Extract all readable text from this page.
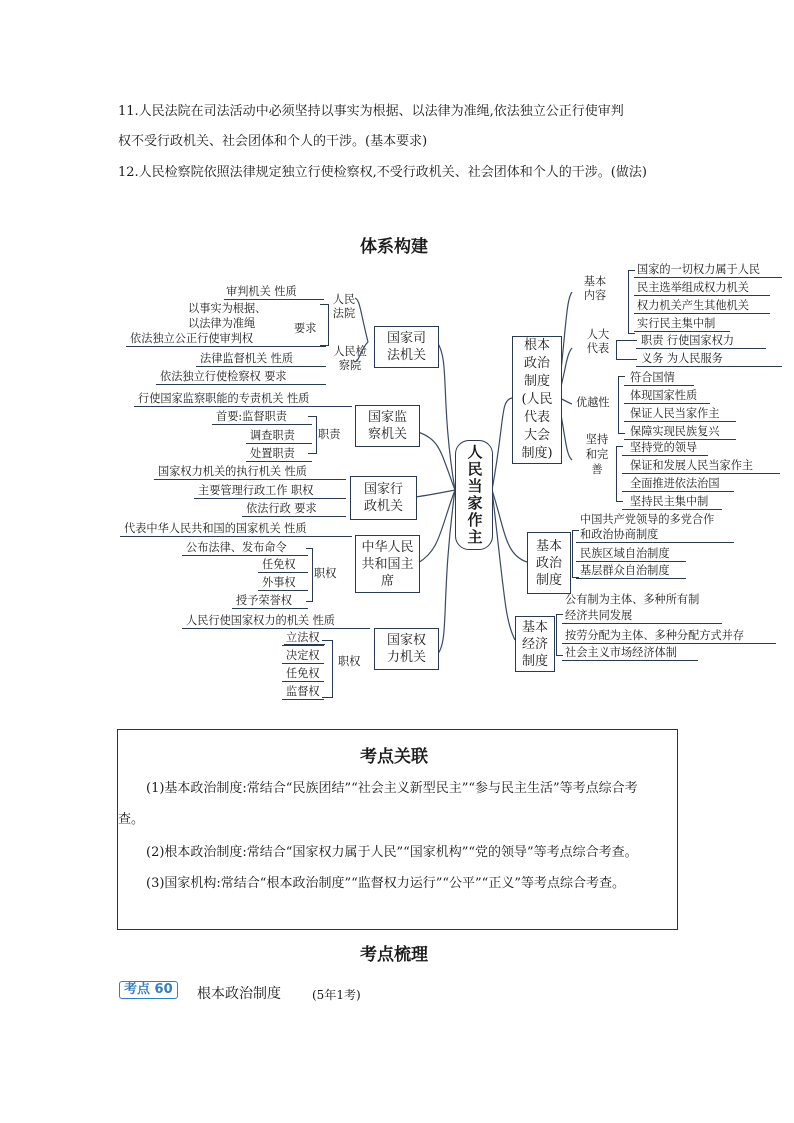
11.人民法院在司法活动中必须坚持以事实为根据、以法律为准绳,依法独立公正行使审判
权不受行政机关、社会团体和个人的干涉。(基本要求)
12.人民检察院依照法律规定独立行使检察权,不受行政机关、社会团体和个人的干涉。(做法)
体系构建
人民当家作主
国家司法机关
人民法院
审判机关 性质
以事实为根据、
以法律为准绳
依法独立公正行使审判权
要求
人民检察院
法律监督机关 性质
依法独立行使检察权 要求
国家监察机关
行使国家监察职能的专责机关 性质
首要:监督职责
调查职责
处置职责
职责
国家行政机关
国家权力机关的执行机关 性质
主要管理行政工作 职权
依法行政 要求
中华人民共和国主席
代表中华人民共和国的国家机关 性质
公布法律、发布命令
任免权
外事权
授予荣誉权
职权
国家权力机关
人民行使国家权力的机关 性质
立法权
决定权
任免权
监督权
职权
根本政治制度(人民代表大会制度)
基本内容
国家的一切权力属于人民
民主选举组成权力机关
权力机关产生其他机关
实行民主集中制
人大代表
职责 行使国家权力
义务 为人民服务
优越性
符合国情
体现国家性质
保证人民当家作主
保障实现民族复兴
坚持和完善
坚持党的领导
保证和发展人民当家作主
全面推进依法治国
坚持民主集中制
基本政治制度
中国共产党领导的多党合作
和政治协商制度
民族区域自治制度
基层群众自治制度
基本经济制度
公有制为主体、多种所有制
经济共同发展
按劳分配为主体、多种分配方式并存
社会主义市场经济体制
考点关联
(1)基本政治制度:常结合“民族团结”“社会主义新型民主”“参与民主生活”等考点综合考
查。
(2)根本政治制度:常结合“国家权力属于人民”“国家机构”“党的领导”等考点综合考查。
(3)国家机构:常结合“根本政治制度”“监督权力运行”“公平”“正义”等考点综合考查。
考点梳理
考点 60	根本政治制度	(5年1考)
